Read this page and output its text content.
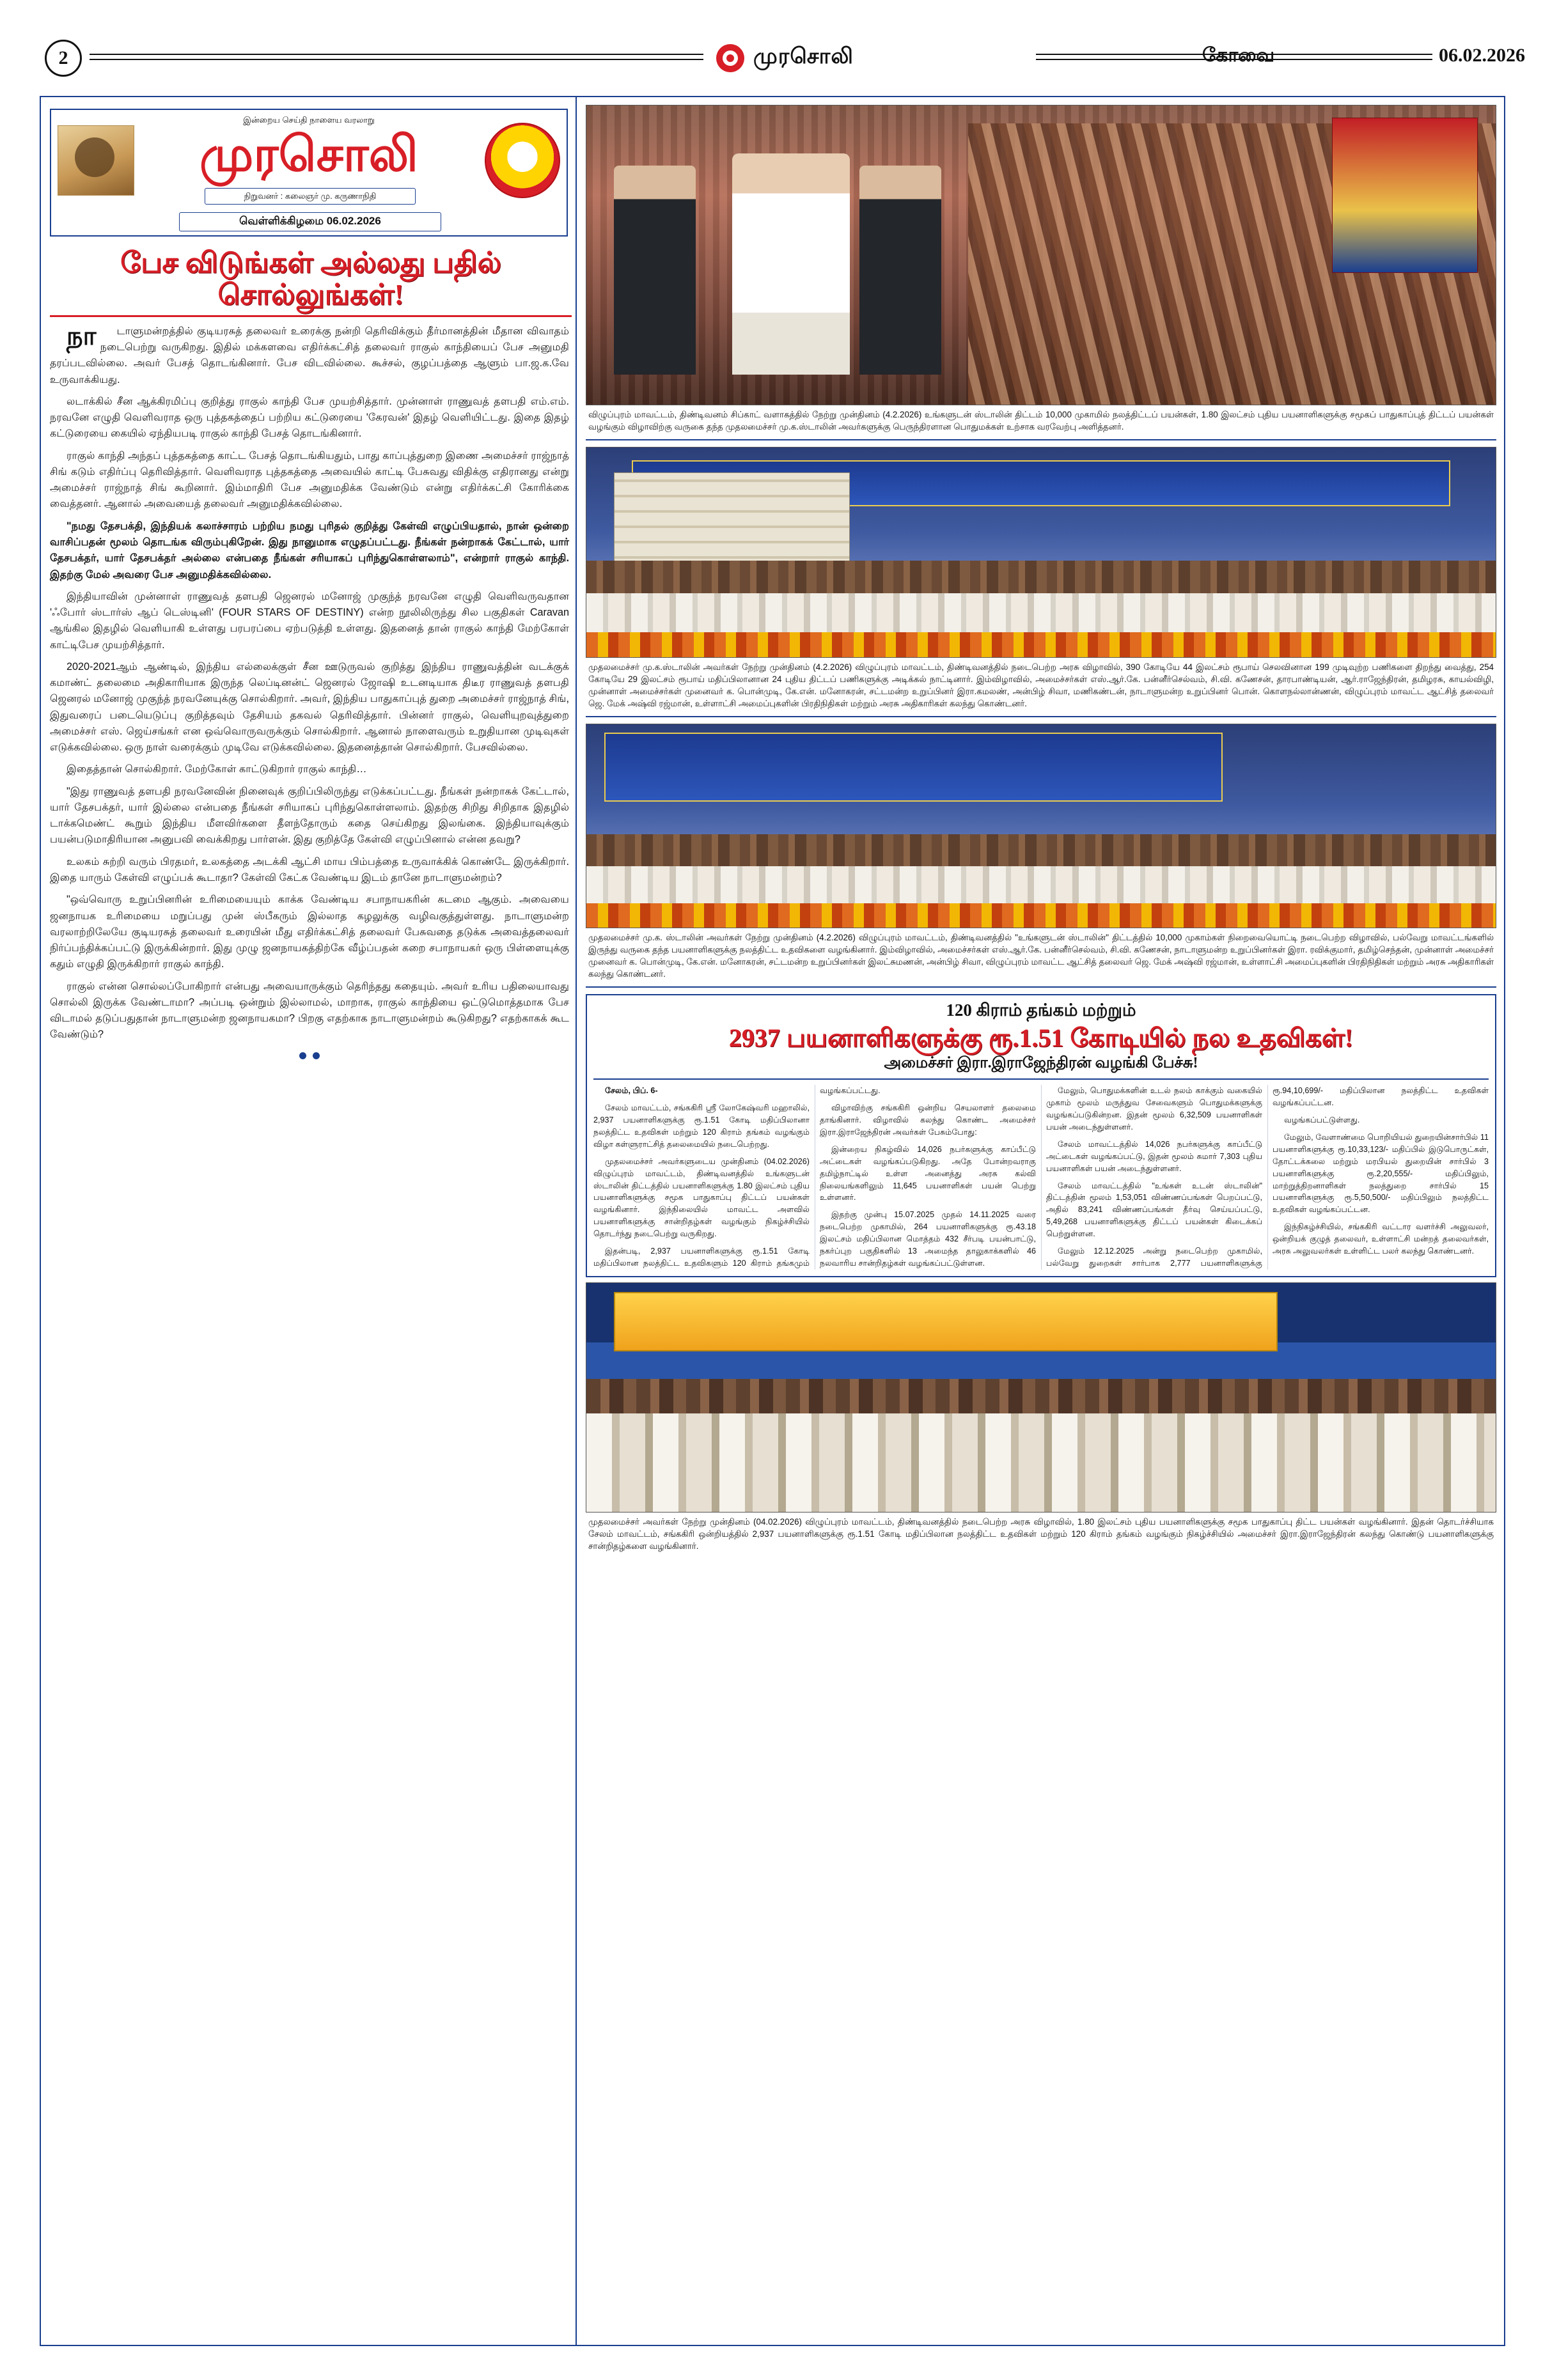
2	முரசொலி	கோவை	06.02.2026
இன்றைய செய்தி நாளைய வரலாறு
முரசொலி
நிறுவனர் : கலைஞர் மு. கருணாநிதி
வெள்ளிக்கிழமை 06.02.2026
பேச விடுங்கள் அல்லது பதில் சொல்லுங்கள்!

நாடாளுமன்றத்தில் குடியரசுத் தலைவர் உரைக்கு நன்றி தெரிவிக்கும் தீர்மானத்தின் மீதான விவாதம் நடைபெற்று வருகிறது. இதில் மக்களவை எதிர்க்கட்சித் தலைவர் ராகுல் காந்தியைப் பேச அனுமதி தரப்படவில்லை. அவர் பேசத் தொடங்கினார். பேச விடவில்லை. கூச்சல், குழப்பத்தை ஆளும் பா.ஜ.க.வே உருவாக்கியது.

லடாக்கில் சீன ஆக்கிரமிப்பு குறித்து ராகுல் காந்தி பேச முயற்சித்தார். முன்னாள் ராணுவத் தளபதி எம்.எம். நரவனே எழுதி வெளிவராத ஒரு புத்தகத்தைப் பற்றிய கட்டுரையை 'கேரவன்' இதழ் வெளியிட்டது. இதை இதழ் கட்டுரையை கையில் ஏந்தியபடி ராகுல் காந்தி பேசத் தொடங்கினார்.

ராகுல் காந்தி அந்தப் புத்தகத்தை காட்ட பேசத் தொடங்கியதும், பாது காப்புத்துறை இணை அமைச்சர் ராஜ்நாத் சிங் கடும் எதிர்ப்பு தெரிவித்தார். வெளிவராத புத்தகத்தை அவையில் காட்டி பேசுவது விதிக்கு எதிரானது என்று அமைச்சர் ராஜ்நாத் சிங் கூறினார். இம்மாதிரி பேச அனுமதிக்க வேண்டும் என்று எதிர்க்கட்சி கோரிக்கை வைத்தனர். ஆனால் அவையைத் தலைவர் அனுமதிக்கவில்லை.

"நமது தேசபக்தி, இந்தியக் கலாச்சாரம் பற்றிய நமது புரிதல் குறித்து கேள்வி எழுப்பியதால், நான் ஒன்றை வாசிப்பதன் மூலம் தொடங்க விரும்புகிறேன். இது நானுமாக எழுதப்பட்டது. நீங்கள் நன்றாகக் கேட்டால், யார் தேசபக்தர், யார் தேசபக்தர் அல்லை என்பதை நீங்கள் சரியாகப் புரிந்துகொள்ளலாம்", என்றார் ராகுல் காந்தி. இதற்கு மேல் அவரை பேச அனுமதிக்கவில்லை.

இந்தியாவின் முன்னாள் ராணுவத் தளபதி ஜெனரல் மனோஜ் முகுந்த் நரவனே எழுதி வெளிவருவதான 'ஃபோர் ஸ்டார்ஸ் ஆப் டெஸ்டினி' (FOUR STARS OF DESTINY) என்ற நூலிலிருந்து சில பகுதிகள் Caravan ஆங்கில இதழில் வெளியாகி உள்ளது பரபரப்பை ஏற்படுத்தி உள்ளது. இதனைத் தான் ராகுல் காந்தி மேற்கோள் காட்டிபேச முயற்சித்தார்.

2020-2021ஆம் ஆண்டில், இந்திய எல்லைக்குள் சீன ஊடுருவல் குறித்து இந்திய ராணுவத்தின் வடக்குக் கமாண்ட் தலைமை அதிகாரியாக இருந்த லெப்டினன்ட் ஜெனரல் ஜோஷி உடனடியாக திடீர ராணுவத் தளபதி ஜெனரல் மனோஜ் முகுந்த் நரவனேயுக்கு சொல்கிறார். அவர், இந்திய பாதுகாப்புத் துறை அமைச்சர் ராஜ்நாத் சிங், இதுவரைப் படையெடுப்பு குறித்தவும் தேசியம் தகவல் தெரிவித்தார். பின்னர் ராகுல், வெளியுறவுத்துறை அமைச்சர் எஸ். ஜெய்சங்கர் என ஒவ்வொருவருக்கும் சொல்கிறார். ஆனால் நாளைவரும் உறுதியான முடிவுகள் எடுக்கவில்லை. ஒரு நாள் வரைக்கும் முடிவே எடுக்கவில்லை. இதனைத்தான் சொல்கிறார். பேசவில்லை.

இதைத்தான் சொல்கிறார். மேற்கோள் காட்டுகிறார் ராகுல் காந்தி…

"இது ராணுவத் தளபதி நரவனேவின் நினைவுக் குறிப்பிலிருந்து எடுக்கப்பட்டது. நீங்கள் நன்றாகக் கேட்டால், யார் தேசபக்தர், யார் இல்லை என்பதை நீங்கள் சரியாகப் புரிந்துகொள்ளலாம். இதற்கு சிறிது சிறிதாக இதழில் டாக்கமெண்ட் கூறும் இந்திய மீளவிர்களை தீளந்தோரும் கதை செய்கிறது இலங்கை. இந்தியாவுக்கும் பயன்படுமாதிரியான அனுபவி வைக்கிறது பார்ளன். இது குறித்தே கேள்வி எழுப்பினால் என்ன தவறு?

உலகம் சுற்றி வரும் பிரதமர், உலகத்தை அடக்கி ஆட்சி மாய பிம்பத்தை உருவாக்கிக் கொண்டே இருக்கிறார். இதை யாரும் கேள்வி எழுப்பக் கூடாதா? கேள்வி கேட்க வேண்டிய இடம் தானே நாடாளுமன்றம்?

"ஒவ்வொரு உறுப்பினரின் உரிமையையும் காக்க வேண்டிய சபாநாயகரின் கடமை ஆகும். அவையை ஜனநாயக உரிமையை மறுப்பது முன் ஸ்பீகரும் இல்லாத கழலுக்கு வழிவகுத்துள்ளது. நாடாளுமன்ற வரலாற்றிலேயே குடியரசுத் தலைவர் உரையின் மீது எதிர்க்கட்சித் தலைவர் பேசுவதை தடுக்க அவைத்தலைவர் நிர்ப்பந்திக்கப்பட்டு இருக்கின்றார். இது முழு ஜனநாயகத்திற்கே வீழ்ப்பதன் கறை சபாநாயகர் ஒரு பிள்ளையுக்கு கதும் எழுதி இருக்கிறார் ராகுல் காந்தி.

ராகுல் என்ன சொல்லப்போகிறார் என்பது அவையாருக்கும் தெரிந்தது கதையும். அவர் உரிய பதிலையாவது சொல்லி இருக்க வேண்டாமா? அப்படி ஒன்றும் இல்லாமல், மாறாக, ராகுல் காந்தியை ஒட்டுமொத்தமாக பேச விடாமல் தடுப்பதுதான் நாடாளுமன்ற ஜனநாயகமா? பிறகு எதற்காக நாடாளுமன்றம் கூடுகிறது? எதற்காகக் கூட வேண்டும்?

விழுப்புரம் மாவட்டம், திண்டிவனம் சிப்காட் வளாகத்தில் நேற்று முன்தினம் (4.2.2026) உங்களுடன் ஸ்டாலின் திட்டம் 10,000 முகாமில் நலத்திட்டப் பயன்கள், 1.80 இலட்சம் புதிய பயனாளிகளுக்கு சமூகப் பாதுகாப்புத் திட்டப் பயன்கள் வழங்கும் விழாவிற்கு வருகை தந்த முதலமைச்சர் மு.க.ஸ்டாலின் அவர்களுக்கு பெருந்திரளான பொதுமக்கள் உற்சாக வரவேற்பு அளித்தனர்.
முதலமைச்சர் மு.க.ஸ்டாலின் அவர்கள் நேற்று முன்தினம் (4.2.2026) விழுப்புரம் மாவட்டம், திண்டிவனத்தில் நடைபெற்ற அரசு விழாவில், 390 கோடியே 44 இலட்சம் ரூபாய் செலவினான 199 முடிவுற்ற பணிகளை திறந்து வைத்து, 254 கோடியே 29 இலட்சம் ரூபாய் மதிப்பிலானான 24 புதிய திட்டப் பணிகளுக்கு அடிக்கல் நாட்டினார். இம்விழாவில், அமைச்சர்கள் எஸ்.ஆர்.கே. பன்னீர்செல்வம், சி.வி. கணேசன், தாரபாண்டியன், ஆர்.ராஜேந்திரன், தமிழரசு, காயல்விழி, முன்னாள் அமைச்சர்கள் முனைவர் க. பொன்முடி, கே.என். மனோகரன், சட்டமன்ற உறுப்பினர் இரா.கமலண், அன்பிழ் சிவா, மணிகண்டன், நாடாளுமன்ற உறுப்பினர் பொன். கொளநல்லான்ணன், விழுப்புரம் மாவட்ட ஆட்சித் தலைவர் ஜெ. மேக் அஷ்வி ரஜ்மான், உள்ளாட்சி அமைப்புகளின் பிரதிநிதிகள் மற்றும் அரசு அதிகாரிகள் கலந்து கொண்டனர்.
முதலமைச்சர் மு.க. ஸ்டாலின் அவர்கள் நேற்று முன்தினம் (4.2.2026) விழுப்புரம் மாவட்டம், திண்டிவனத்தில் "உங்களுடன் ஸ்டாலின்" திட்டத்தில் 10,000 முகாம்கள் நிறைவையொட்டி நடைபெற்ற விழாவில், பல்வேறு மாவட்டங்களில் இருந்து வருகை தந்த பயனாளிகளுக்கு நலத்திட்ட உதவிகளை வழங்கினார். இம்விழாவில், அமைச்சர்கள் எஸ்.ஆர்.கே. பன்னீர்செல்வம், சி.வி. கணேசன், நாடாளுமன்ற உறுப்பினர்கள் இரா. ரவிக்குமார், தமிழ்செந்தன், முன்னாள் அமைச்சர் முனைவர் க. பொன்முடி, கே.என். மனோகரன், சட்டமன்ற உறுப்பினர்கள் இலட்சுமணன், அன்பிழ் சிவா, விழுப்புரம் மாவட்ட ஆட்சித் தலைவர் ஜெ. மேக் அஷ்வி ரஜ்மான், உள்ளாட்சி அமைப்புகளின் பிரதிநிதிகள் மற்றும் அரசு அதிகாரிகள் கலந்து கொண்டனர்.
120 கிராம் தங்கம் மற்றும்
2937 பயனாளிகளுக்கு ரூ.1.51 கோடியில் நல உதவிகள்!
அமைச்சர் இரா.இராஜேந்திரன் வழங்கி பேச்சு!

சேலம், பிப். 6-

சேலம் மாவட்டம், சங்ககிரி ஸ்ரீ லோகேஷ்வரி மஹாலில், 2,937 பயனாளிகளுக்கு ரூ.1.51 கோடி மதிப்பிலானா நலத்திட்ட உதவிகள் மற்றும் 120 கிராம் தங்கம் வழங்கும் விழா கள்ளுராட்சித் தலைமையில் நடைபெற்றது.

முதலமைச்சர் அவர்களுடைய முன்தினம் (04.02.2026) விழுப்புரம் மாவட்டம், திண்டிவனத்தில் உங்களுடன் ஸ்டாலின் திட்டத்தில் பயனாளிகளுக்கு 1.80 இலட்சம் புதிய பயனாளிகளுக்கு சமூக பாதுகாப்பு திட்டப் பயன்கள் வழங்கினார். இந்நிலையில் மாவட்ட அளவில் பயனாளிகளுக்கு சான்றிதழ்கள் வழங்கும் நிகழ்ச்சியில் தொடர்ந்து நடைபெற்று வருகிறது.

இதன்படி, 2,937 பயனாளிகளுக்கு ரூ.1.51 கோடி மதிப்பிலான நலத்திட்ட உதவிகளும் 120 கிராம் தங்கமும் வழங்கப்பட்டது.

விழாவிற்கு சங்ககிரி ஒன்றிய செயலாளர் தலைமை தாங்கினார். விழாவில் கலந்து கொண்ட அமைச்சர் இரா.இராஜேந்திரன் அவர்கள் பேசும்போது:

இன்றைய நிகழ்வில் 14,026 நபர்களுக்கு காப்பீட்டு அட்டைகள் வழங்கப்படுகிறது. அதே போன்றவராகு தமிழ்நாட்டில் உள்ள அனைத்து அரசு கல்வி நிலையங்களிலும் 11,645 பயனாளிகள் பயன் பெற்று உள்ளனர்.

இதற்கு முன்பு 15.07.2025 முதல் 14.11.2025 வரை நடைபெற்ற முகாமில், 264 பயனாளிகளுக்கு ரூ.43.18 இலட்சம் மதிப்பிலான மொத்தம் 432 சீர்படி பயன்பாட்டு, நகர்ப்புற பகுதிகளில் 13 அமைந்த தாலுகாக்களில் 46 நலவாரிய சான்றிதழ்கள் வழங்கப்பட்டுள்ளன.

மேலும், பொதுமக்களின் உடல் நலம் காக்கும் வகையில் முகாம் மூலம் மருத்துவ சேவைகளும் பொதுமக்களுக்கு வழங்கப்படுகின்றன. இதன் மூலம் 6,32,509 பயனாளிகள் பயன் அடைந்துள்ளனர்.

சேலம் மாவட்டத்தில் 14,026 நபர்களுக்கு காப்பீட்டு அட்டைகள் வழங்கப்பட்டு, இதன் மூலம் சுமார் 7,303 புதிய பயனாளிகள் பயன் அடைந்துள்ளனர்.

சேலம் மாவட்டத்தில் "உங்கள் உடன் ஸ்டாலின்" திட்டத்தின் மூலம் 1,53,051 விண்ணப்பங்கள் பெறப்பட்டு, அதில் 83,241 விண்ணப்பங்கள் தீர்வு செய்யப்பட்டு, 5,49,268 பயனாளிகளுக்கு திட்டப் பயன்கள் கிடைக்கப் பெற்றுள்ளன.

மேலும் 12.12.2025 அன்று நடைபெற்ற முகாமில், பல்வேறு துறைகள் சார்பாக 2,777 பயனாளிகளுக்கு ரூ.94,10,699/- மதிப்பிலான நலத்திட்ட உதவிகள் வழங்கப்பட்டன.

வழங்கப்பட்டுள்ளது.

மேலும், வேளாண்மை பொறியியல் துறையின்சார்பில் 11 பயனாளிகளுக்கு ரூ.10,33,123/- மதிப்பில் இடுபொருட்கள், தோட்டக்கலை மற்றும் மரபியல் துறையின் சார்பில் 3 பயனாளிகளுக்கு ரூ.2,20,555/- மதிப்பிலும், மாற்றுத்திறனாளிகள் நலத்துறை சார்பில் 15 பயனாளிகளுக்கு ரூ.5,50,500/- மதிப்பிலும் நலத்திட்ட உதவிகள் வழங்கப்பட்டன.

இந்நிகழ்ச்சியில், சங்ககிரி வட்டார வளர்ச்சி அலுவலர், ஒன்றியக் குழுத் தலைவர், உள்ளாட்சி மன்றத் தலைவர்கள், அரசு அலுவலர்கள் உள்ளிட்ட பலர் கலந்து கொண்டனர்.

முதலமைச்சர் அவர்கள் நேற்று முன்தினம் (04.02.2026) விழுப்புரம் மாவட்டம், திண்டிவனத்தில் நடைபெற்ற அரசு விழாவில், 1.80 இலட்சம் புதிய பயனாளிகளுக்கு சமூக பாதுகாப்பு திட்ட பயன்கள் வழங்கினார். இதன் தொடர்ச்சியாக சேலம் மாவட்டம், சங்ககிரி ஒன்றியத்தில் 2,937 பயனாளிகளுக்கு ரூ.1.51 கோடி மதிப்பிலான நலத்திட்ட உதவிகள் மற்றும் 120 கிராம் தங்கம் வழங்கும் நிகழ்ச்சியில் அமைச்சர் இரா.இராஜேந்திரன் கலந்து கொண்டு பயனாளிகளுக்கு சான்றிதழ்களை வழங்கினார்.
